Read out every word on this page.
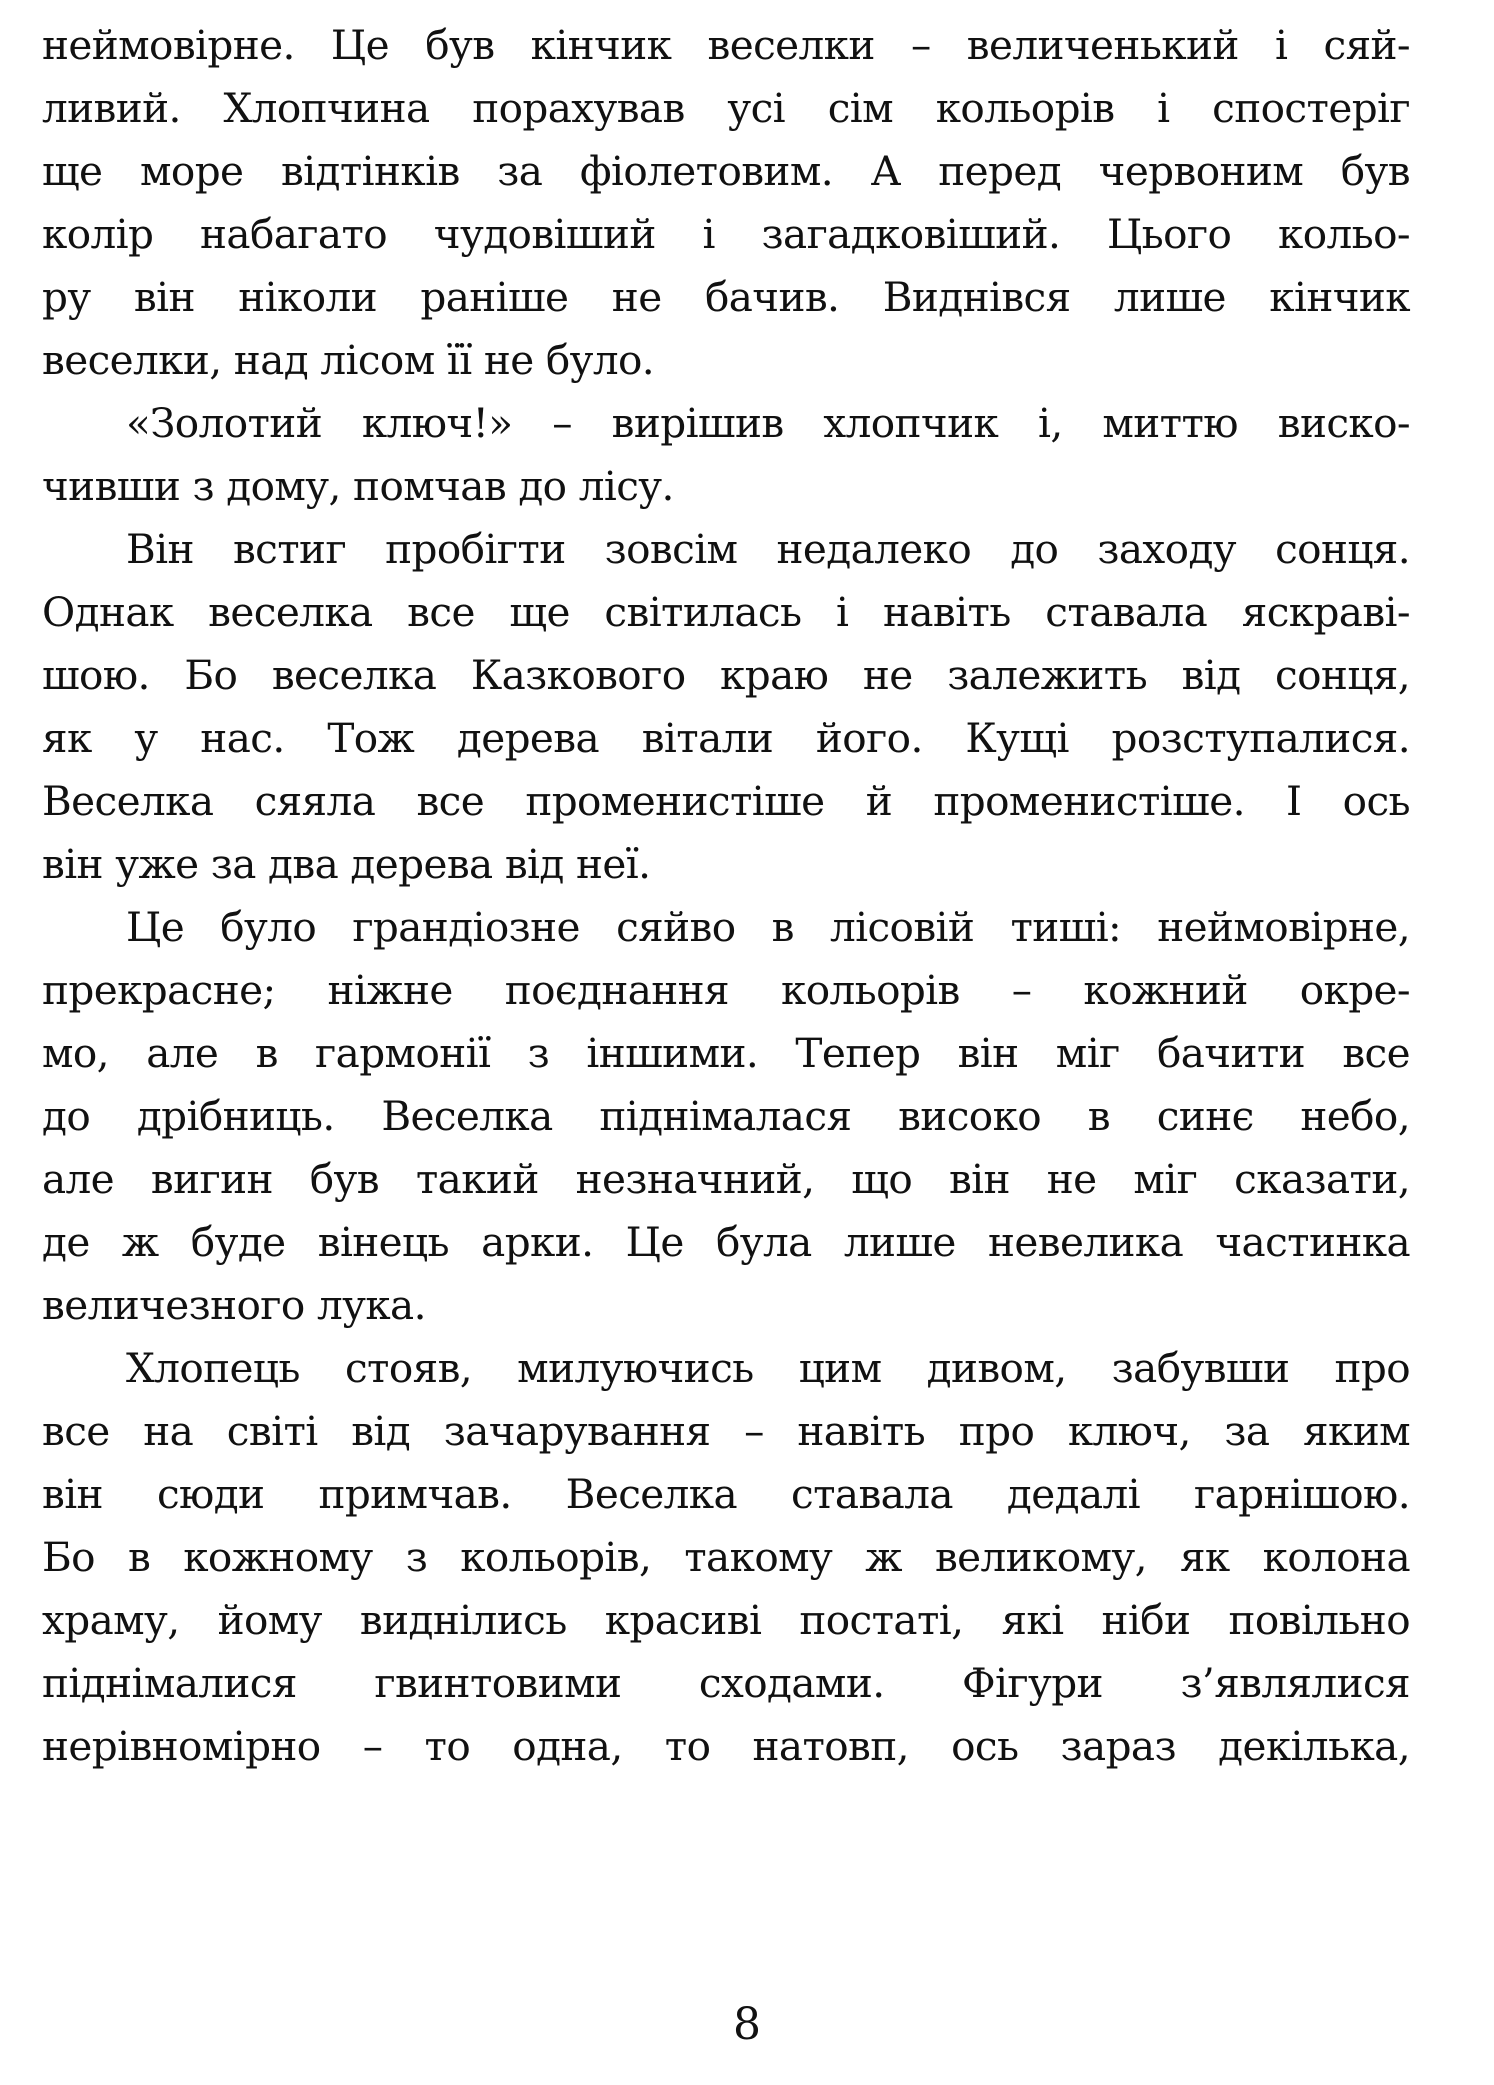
неймовірне. Це був кінчик веселки – величенький і сяй-
ливий. Хлопчина порахував усі сім кольорів і спостеріг
ще море відтінків за фіолетовим. А перед червоним був
колір набагато чудовіший і загадковіший. Цього кольо-
ру він ніколи раніше не бачив. Виднівся лише кінчик
веселки, над лісом її не було.
«Золотий ключ!» – вирішив хлопчик і, миттю виско-
чивши з дому, помчав до лісу.
Він встиг пробігти зовсім недалеко до заходу сонця.
Однак веселка все ще світилась і навіть ставала яскраві-
шою. Бо веселка Казкового краю не залежить від сонця,
як у нас. Тож дерева вітали його. Кущі розступалися.
Веселка сяяла все променистіше й променистіше. І ось
він уже за два дерева від неї.
Це було грандіозне сяйво в лісовій тиші: неймовірне,
прекрасне; ніжне поєднання кольорів – кожний окре-
мо, але в гармонії з іншими. Тепер він міг бачити все
до дрібниць. Веселка піднімалася високо в синє небо,
але вигин був такий незначний, що він не міг сказати,
де ж буде вінець арки. Це була лише невелика частинка
величезного лука.
Хлопець стояв, милуючись цим дивом, забувши про
все на світі від зачарування – навіть про ключ, за яким
він сюди примчав. Веселка ставала дедалі гарнішою.
Бо в кожному з кольорів, такому ж великому, як колона
храму, йому виднілись красиві постаті, які ніби повільно
піднімалися гвинтовими сходами. Фігури з’являлися
нерівномірно – то одна, то натовп, ось зараз декілька,
8
